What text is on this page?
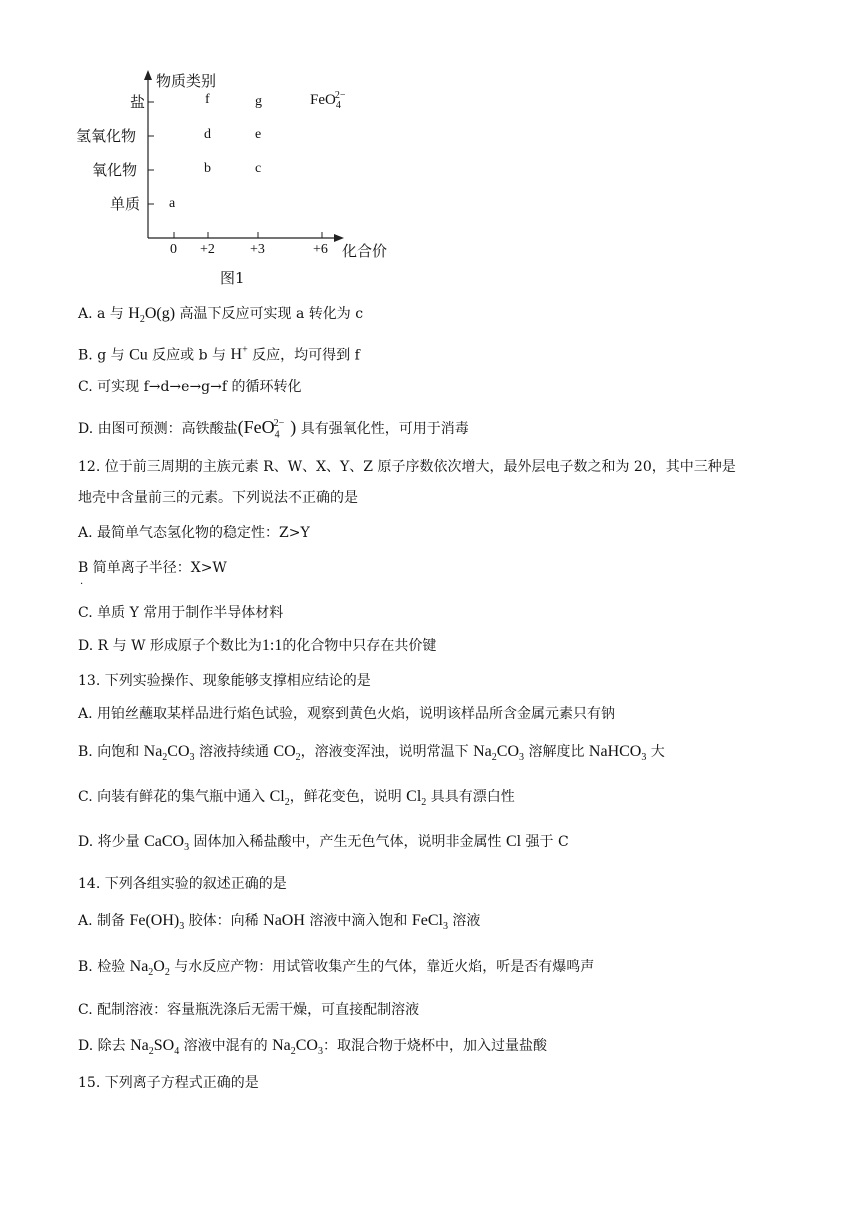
物质类别
盐
氢氧化物
氧化物
单质
f	g	FeO$_4^{2-}$
d	e
b	c
a
0 +2	+3	+6 化合价
图1
A. a 与 $H_2O(g)$ 高温下反应可实现 a 转化为 c
B. g 与 Cu 反应或 b 与 H+ 反应，均可得到 f
C. 可实现 f→d→e→g→f 的循环转化
D. 由图可预测：高铁酸盐(FeO$_4^{2-}$ ) 具有强氧化性，可用于消毒
12. 位于前三周期的主族元素 R、W、X、Y、Z 原子序数依次增大，最外层电子数之和为 20，其中三种是
地壳中含量前三的元素。下列说法不正确的是
A. 最简单气态氢化物的稳定性：Z>Y
B 简单离子半径：X>W
·
C. 单质 Y 常用于制作半导体材料
D. R 与 W 形成原子个数比为1:1的化合物中只存在共价键
13. 下列实验操作、现象能够支撑相应结论的是
A. 用铂丝蘸取某样品进行焰色试验，观察到黄色火焰，说明该样品所含金属元素只有钠
B. 向饱和 $Na_2CO_3$ 溶液持续通 $CO_2$，溶液变浑浊，说明常温下 $Na_2CO_3$ 溶解度比 NaHCO$_3$ 大
C. 向装有鲜花的集气瓶中通入 $Cl_2$，鲜花变色，说明 $Cl_2$ 具具有漂白性
D. 将少量 CaCO$_3$ 固体加入稀盐酸中，产生无色气体，说明非金属性 Cl 强于 C
14. 下列各组实验的叙述正确的是
A. 制备 $Fe(OH)_3$ 胶体：向稀 NaOH 溶液中滴入饱和 FeCl$_3$ 溶液
B. 检验 $Na_2O_2$ 与水反应产物：用试管收集产生的气体，靠近火焰，听是否有爆鸣声
C. 配制溶液：容量瓶洗涤后无需干燥，可直接配制溶液
D. 除去 $Na_2SO_4$ 溶液中混有的 $Na_2CO_3$：取混合物于烧杯中，加入过量盐酸
15. 下列离子方程式正确的是
